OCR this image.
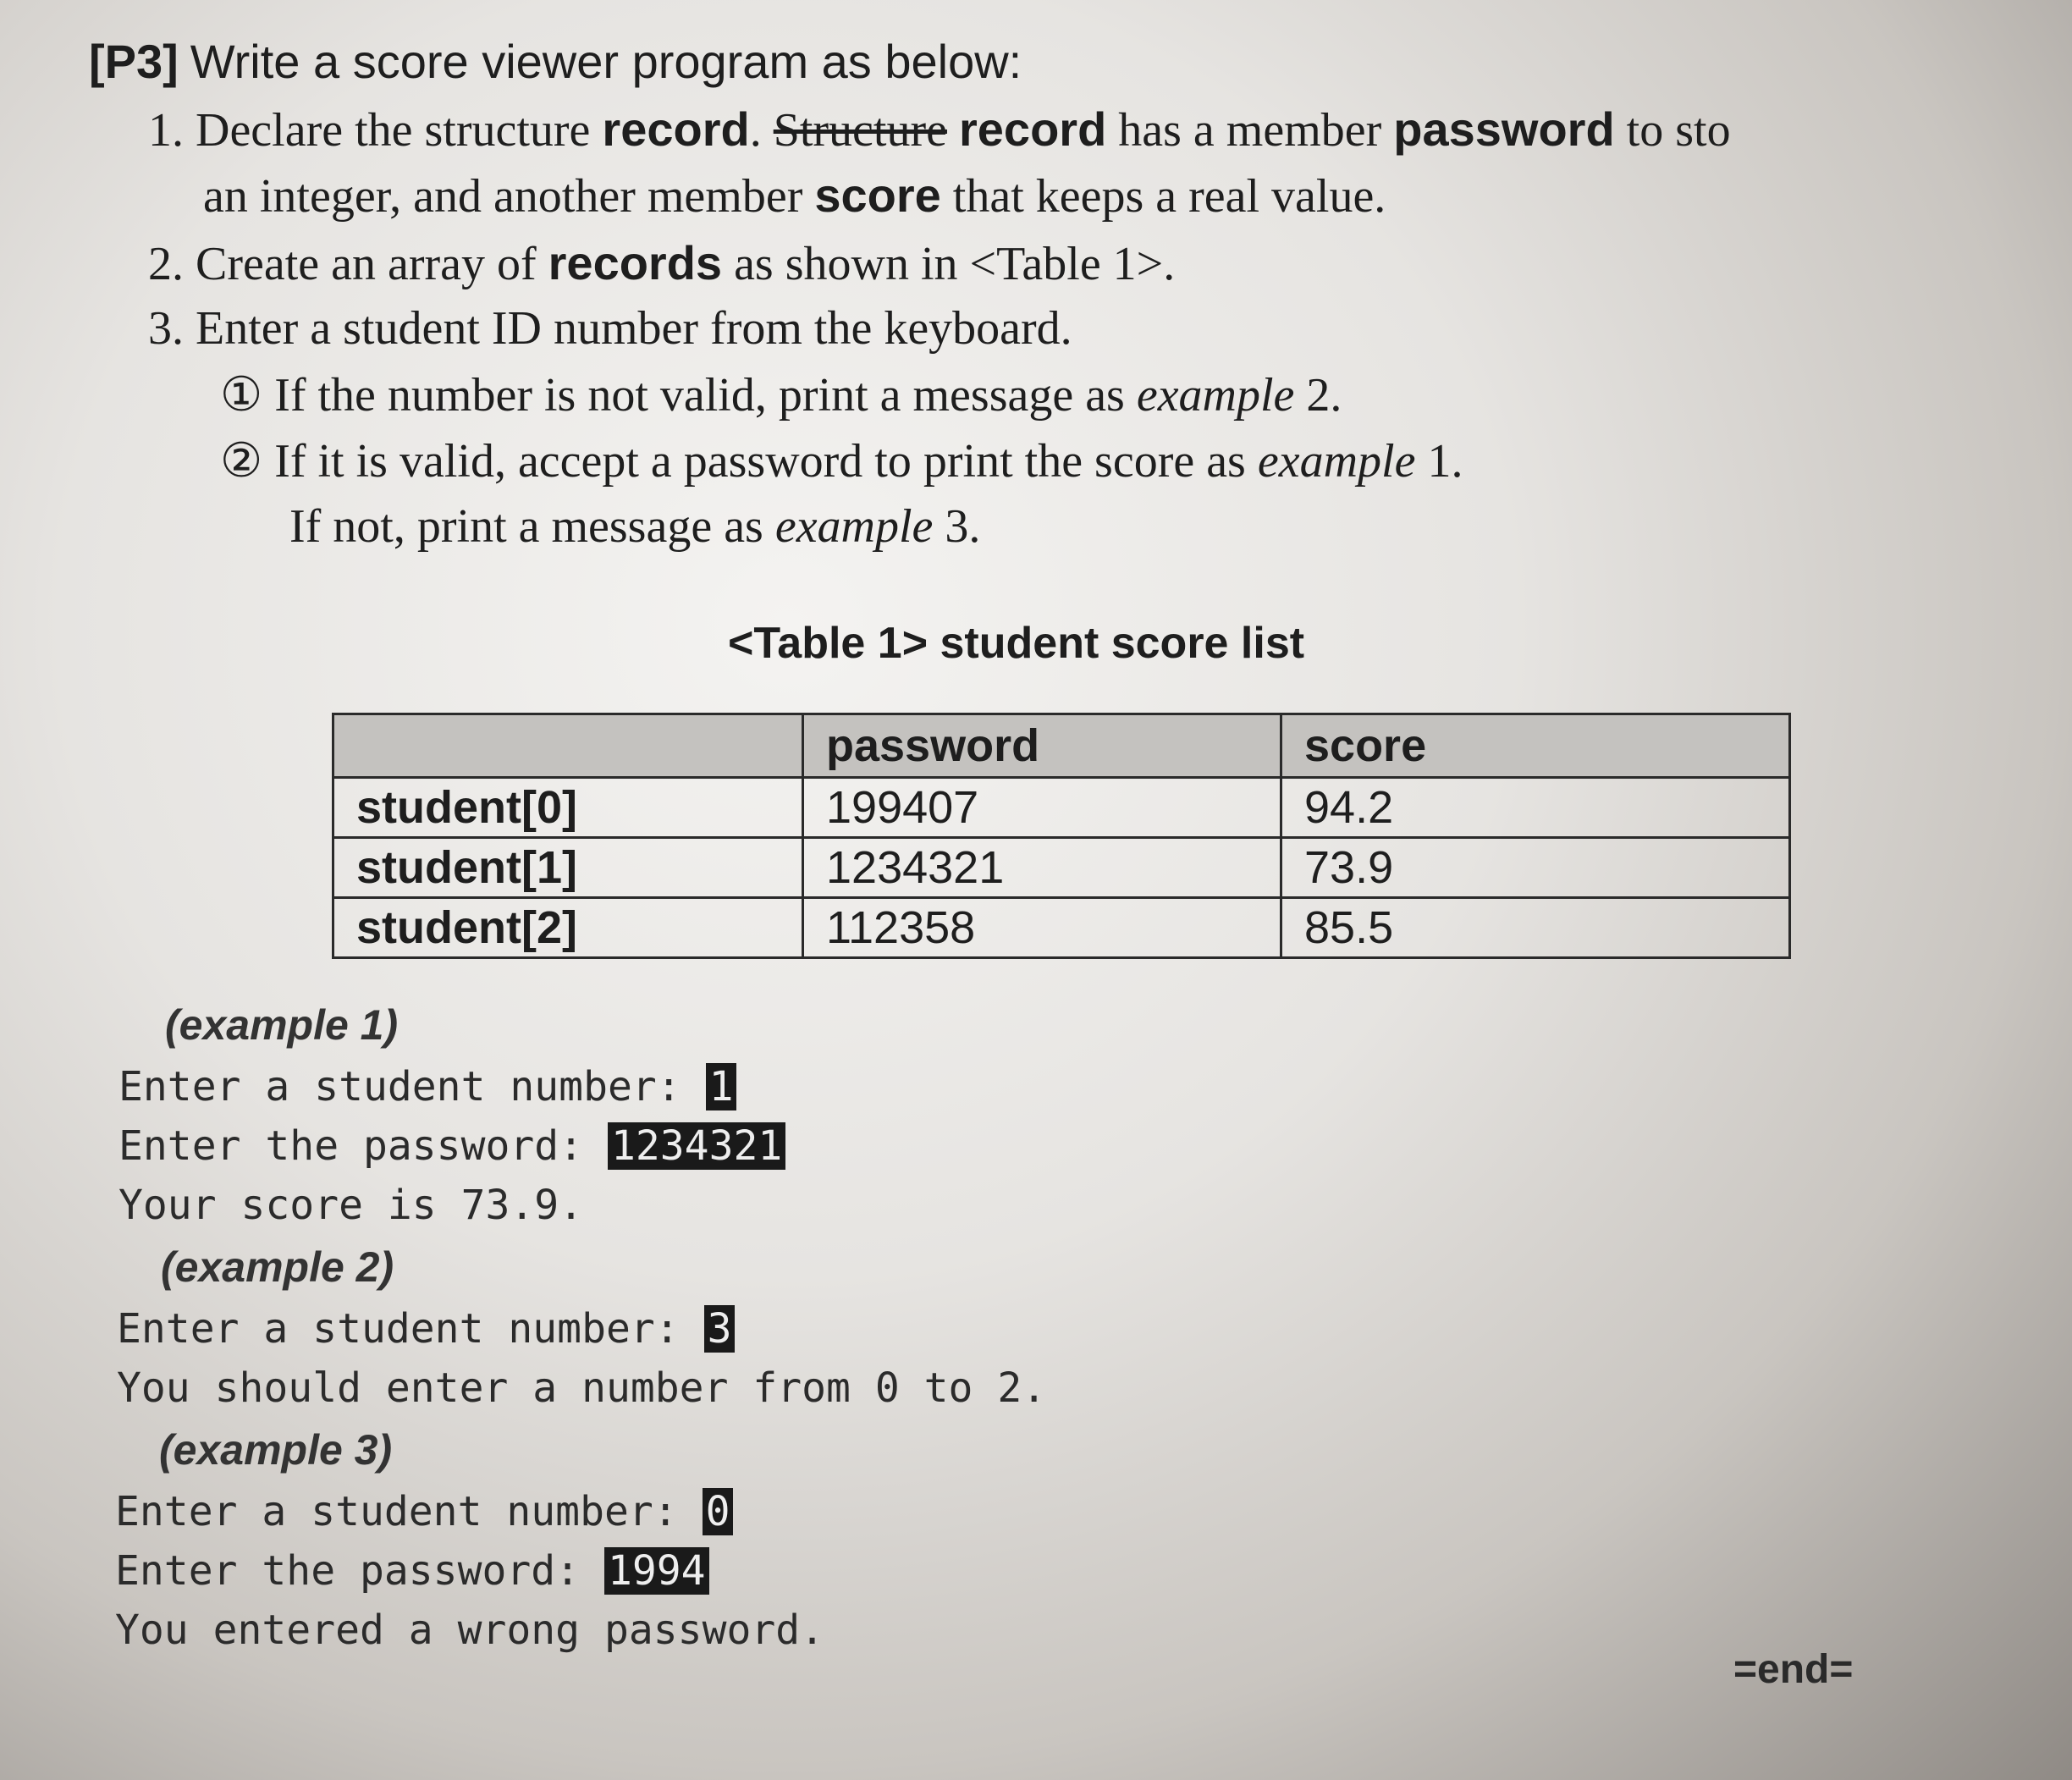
[P3] Write a score viewer program as below:
1. Declare the structure record. Structure record has a member password to sto
an integer, and another member score that keeps a real value.
2. Create an array of records as shown in <Table 1>.
3. Enter a student ID number from the keyboard.
① If the number is not valid, print a message as example 2.
② If it is valid, accept a password to print the score as example 1.
If not, print a message as example 3.
<Table 1> student score list
	password	score
student[0]	199407	94.2
student[1]	1234321	73.9
student[2]	112358	85.5
(example 1)
Enter a student number: 1
Enter the password: 1234321
Your score is 73.9.
(example 2)
Enter a student number: 3
You should enter a number from 0 to 2.
(example 3)
Enter a student number: 0
Enter the password: 1994
You entered a wrong password.
=end=
